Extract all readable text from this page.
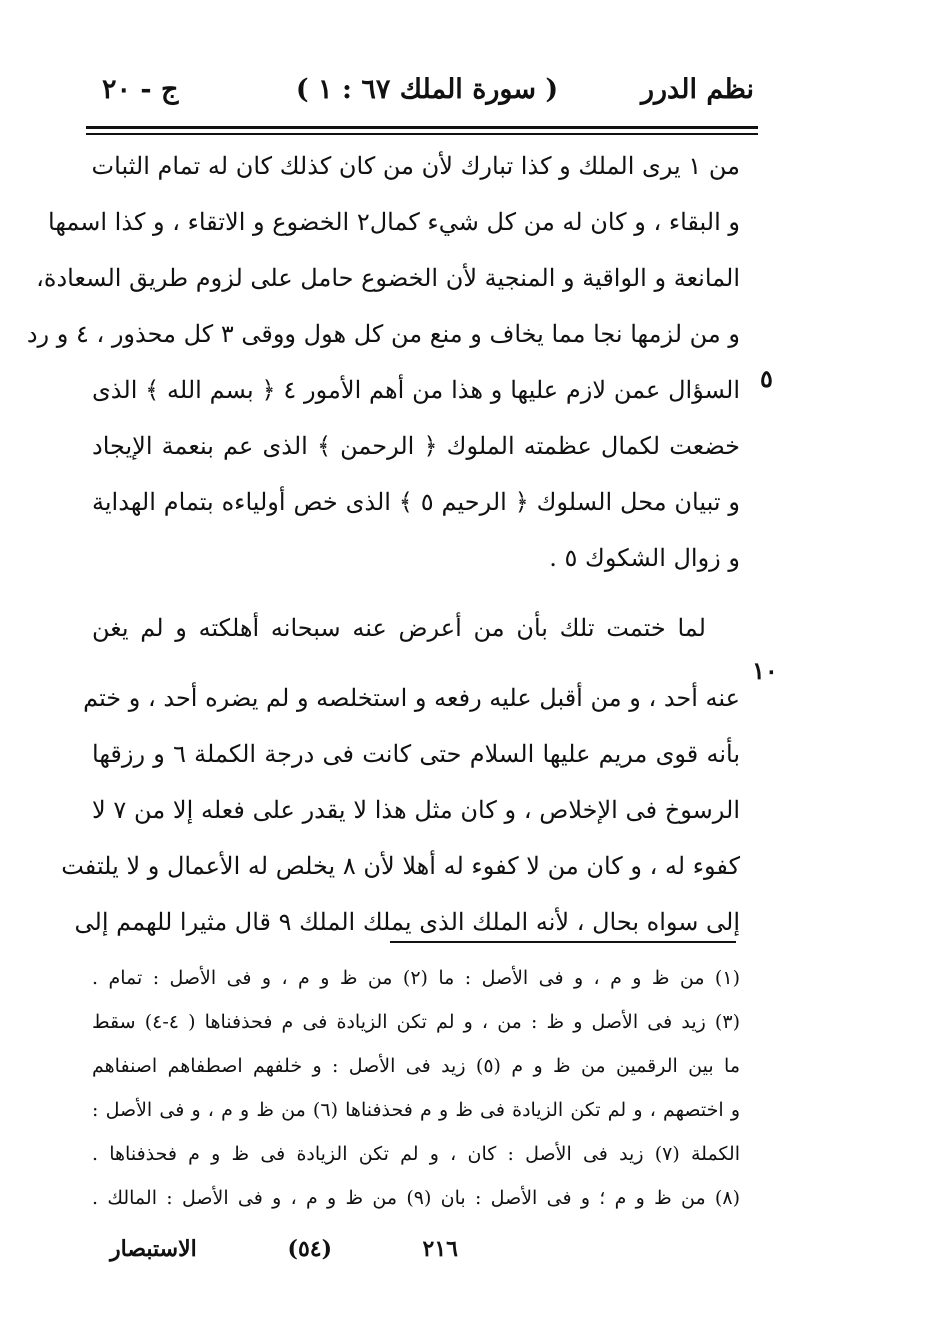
نظم الدرر
( سورة الملك ٦٧ : ١ )
ج - ٢٠
٥
١٠
من ١ يرى الملك و كذا تبارك لأن من كان كذلك كان له تمام الثبات
و البقاء ، و كان له من كل شيء كمال٢ الخضوع و الاتقاء ، و كذا اسمها
المانعة و الواقية و المنجية لأن الخضوع حامل على لزوم طريق السعادة،
و من لزمها نجا مما يخاف و منع من كل هول ووقى ٣ كل محذور ، ٤ و رد
السؤال عمن لازم عليها و هذا من أهم الأمور ٤ ﴿ بسم الله ﴾ الذى
خضعت لكمال عظمته الملوك ﴿ الرحمن ﴾ الذى عم بنعمة الإيجاد
و تبيان محل السلوك ﴿ الرحيم ٥ ﴾ الذى خص أولياءه بتمام الهداية
و زوال الشكوك ٥ .
لما ختمت تلك بأن من أعرض عنه سبحانه أهلكته و لم يغن
عنه أحد ، و من أقبل عليه رفعه و استخلصه و لم يضره أحد ، و ختم
بأنه قوى مريم عليها السلام حتى كانت فى درجة الكملة ٦ و رزقها
الرسوخ فى الإخلاص ، و كان مثل هذا لا يقدر على فعله إلا من ٧ لا
كفوء له ، و كان من لا كفوء له أهلا لأن ٨ يخلص له الأعمال و لا يلتفت
إلى سواه بحال ، لأنه الملك الذى يملك الملك ٩ قال مثيرا للهمم إلى
(١) من ظ و م ، و فى الأصل : ما (٢) من ظ و م ، و فى الأصل : تمام .
(٣) زيد فى الأصل و ظ : من ، و لم تكن الزيادة فى م فحذفناها ( ٤-٤) سقط
ما بين الرقمين من ظ و م (٥) زيد فى الأصل : و خلفهم اصطفاهم اصنفاهم
و اختصهم ، و لم تكن الزيادة فى ظ و م فحذفناها (٦) من ظ و م ، و فى الأصل :
الكملة (٧) زيد فى الأصل : كان ، و لم تكن الزيادة فى ظ و م فحذفناها .
(٨) من ظ و م ؛ و فى الأصل : بان (٩) من ظ و م ، و فى الأصل : المالك .
٢١٦
(٥٤)
الاستبصار
